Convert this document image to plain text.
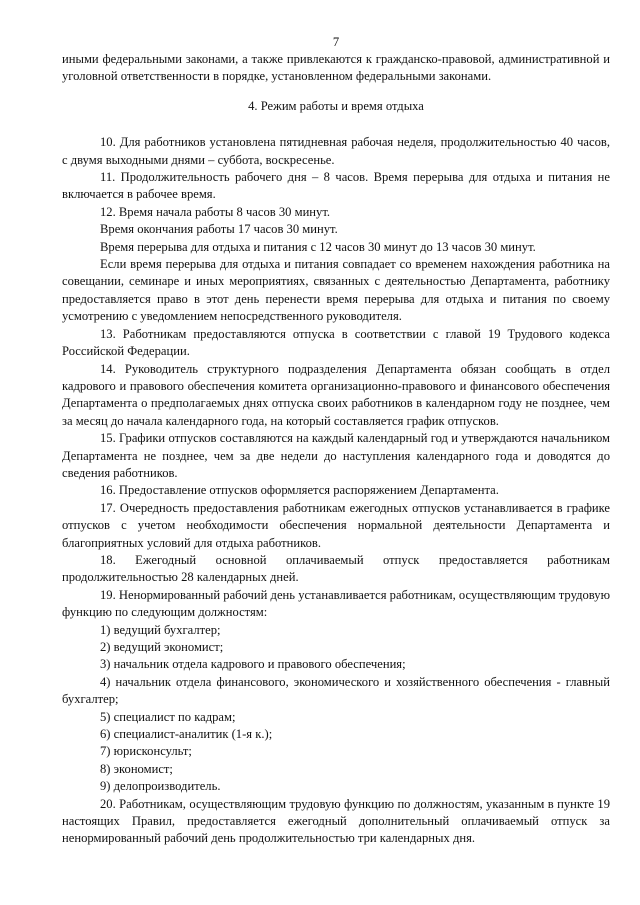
7

иными федеральными законами, а также привлекаются к гражданско-правовой, административной и уголовной ответственности в порядке, установленном федеральными законами.

4. Режим работы и время отдыха

10. Для работников установлена пятидневная рабочая неделя, продолжительностью 40 часов, с двумя выходными днями – суббота, воскресенье.

11. Продолжительность рабочего дня – 8 часов. Время перерыва для отдыха и питания не включается в рабочее время.

12. Время начала работы 8 часов 30 минут.

Время окончания работы 17 часов 30 минут.

Время перерыва для отдыха и питания с 12 часов 30 минут до 13 часов 30 минут.

Если время перерыва для отдыха и питания совпадает со временем нахождения работника на совещании, семинаре и иных мероприятиях, связанных с деятельностью Департамента, работнику предоставляется право в этот день перенести время перерыва для отдыха и питания по своему усмотрению с уведомлением непосредственного руководителя.

13. Работникам предоставляются отпуска в соответствии с главой 19 Трудового кодекса Российской Федерации.

14. Руководитель структурного подразделения Департамента обязан сообщать в отдел кадрового и правового обеспечения комитета организационно-правового и финансового обеспечения Департамента о предполагаемых днях отпуска своих работников в календарном году не позднее, чем за месяц до начала календарного года, на который составляется график отпусков.

15. Графики отпусков составляются на каждый календарный год и утверждаются начальником Департамента не позднее, чем за две недели до наступления календарного года и доводятся до сведения работников.

16. Предоставление отпусков оформляется распоряжением Департамента.

17. Очередность предоставления работникам ежегодных отпусков устанавливается в графике отпусков с учетом необходимости обеспечения нормальной деятельности Департамента и благоприятных условий для отдыха работников.

18. Ежегодный основной оплачиваемый отпуск предоставляется работникам продолжительностью 28 календарных дней.

19. Ненормированный рабочий день устанавливается работникам, осуществляющим трудовую функцию по следующим должностям:

1) ведущий бухгалтер;

2) ведущий экономист;

3) начальник отдела кадрового и правового обеспечения;

4) начальник отдела финансового, экономического и хозяйственного обеспечения - главный бухгалтер;

5) специалист по кадрам;

6) специалист-аналитик (1-я к.);

7) юрисконсульт;

8) экономист;

9) делопроизводитель.

20. Работникам, осуществляющим трудовую функцию по должностям, указанным в пункте 19 настоящих Правил, предоставляется ежегодный дополнительный оплачиваемый отпуск за ненормированный рабочий день продолжительностью три календарных дня.
